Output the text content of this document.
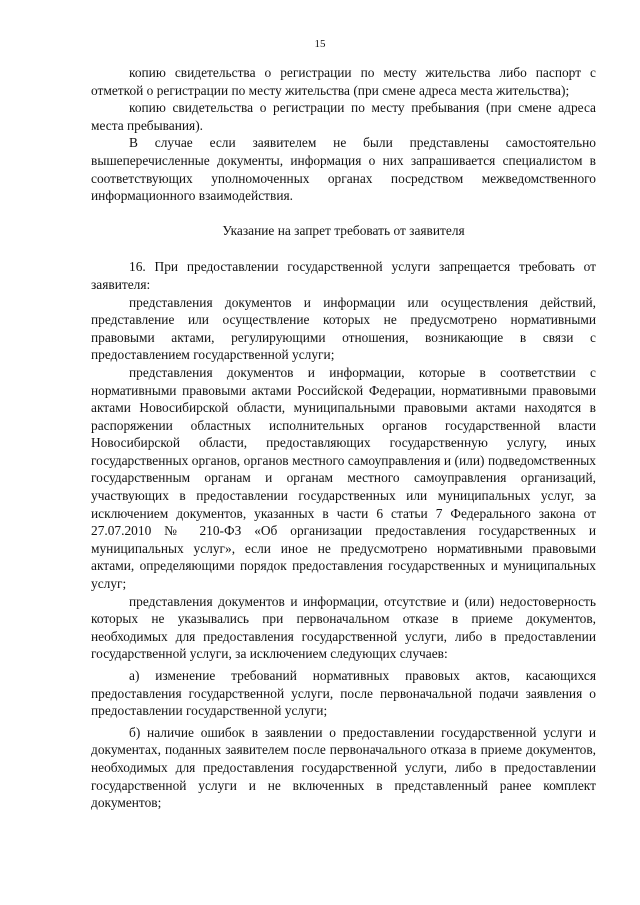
15

копию свидетельства о регистрации по месту жительства либо паспорт с отметкой о регистрации по месту жительства (при смене адреса места жительства);

копию свидетельства о регистрации по месту пребывания (при смене адреса места пребывания).

В случае если заявителем не были представлены самостоятельно вышеперечисленные документы, информация о них запрашивается специалистом в соответствующих уполномоченных органах посредством межведомственного информационного взаимодействия.

Указание на запрет требовать от заявителя

16. При предоставлении государственной услуги запрещается требовать от заявителя:

представления документов и информации или осуществления действий, представление или осуществление которых не предусмотрено нормативными правовыми актами, регулирующими отношения, возникающие в связи с предоставлением государственной услуги;

представления документов и информации, которые в соответствии с нормативными правовыми актами Российской Федерации, нормативными правовыми актами Новосибирской области, муниципальными правовыми актами находятся в распоряжении областных исполнительных органов государственной власти Новосибирской области, предоставляющих государственную услугу, иных государственных органов, органов местного самоуправления и (или) подведомственных государственным органам и органам местного самоуправления организаций, участвующих в предоставлении государственных или муниципальных услуг, за исключением документов, указанных в части 6 статьи 7 Федерального закона от 27.07.2010 № 210-ФЗ «Об организации предоставления государственных и муниципальных услуг», если иное не предусмотрено нормативными правовыми актами, определяющими порядок предоставления государственных и муниципальных услуг;

представления документов и информации, отсутствие и (или) недостоверность которых не указывались при первоначальном отказе в приеме документов, необходимых для предоставления государственной услуги, либо в предоставлении государственной услуги, за исключением следующих случаев:

а) изменение требований нормативных правовых актов, касающихся предоставления государственной услуги, после первоначальной подачи заявления о предоставлении государственной услуги;

б) наличие ошибок в заявлении о предоставлении государственной услуги и документах, поданных заявителем после первоначального отказа в приеме документов, необходимых для предоставления государственной услуги, либо в предоставлении государственной услуги и не включенных в представленный ранее комплект документов;
